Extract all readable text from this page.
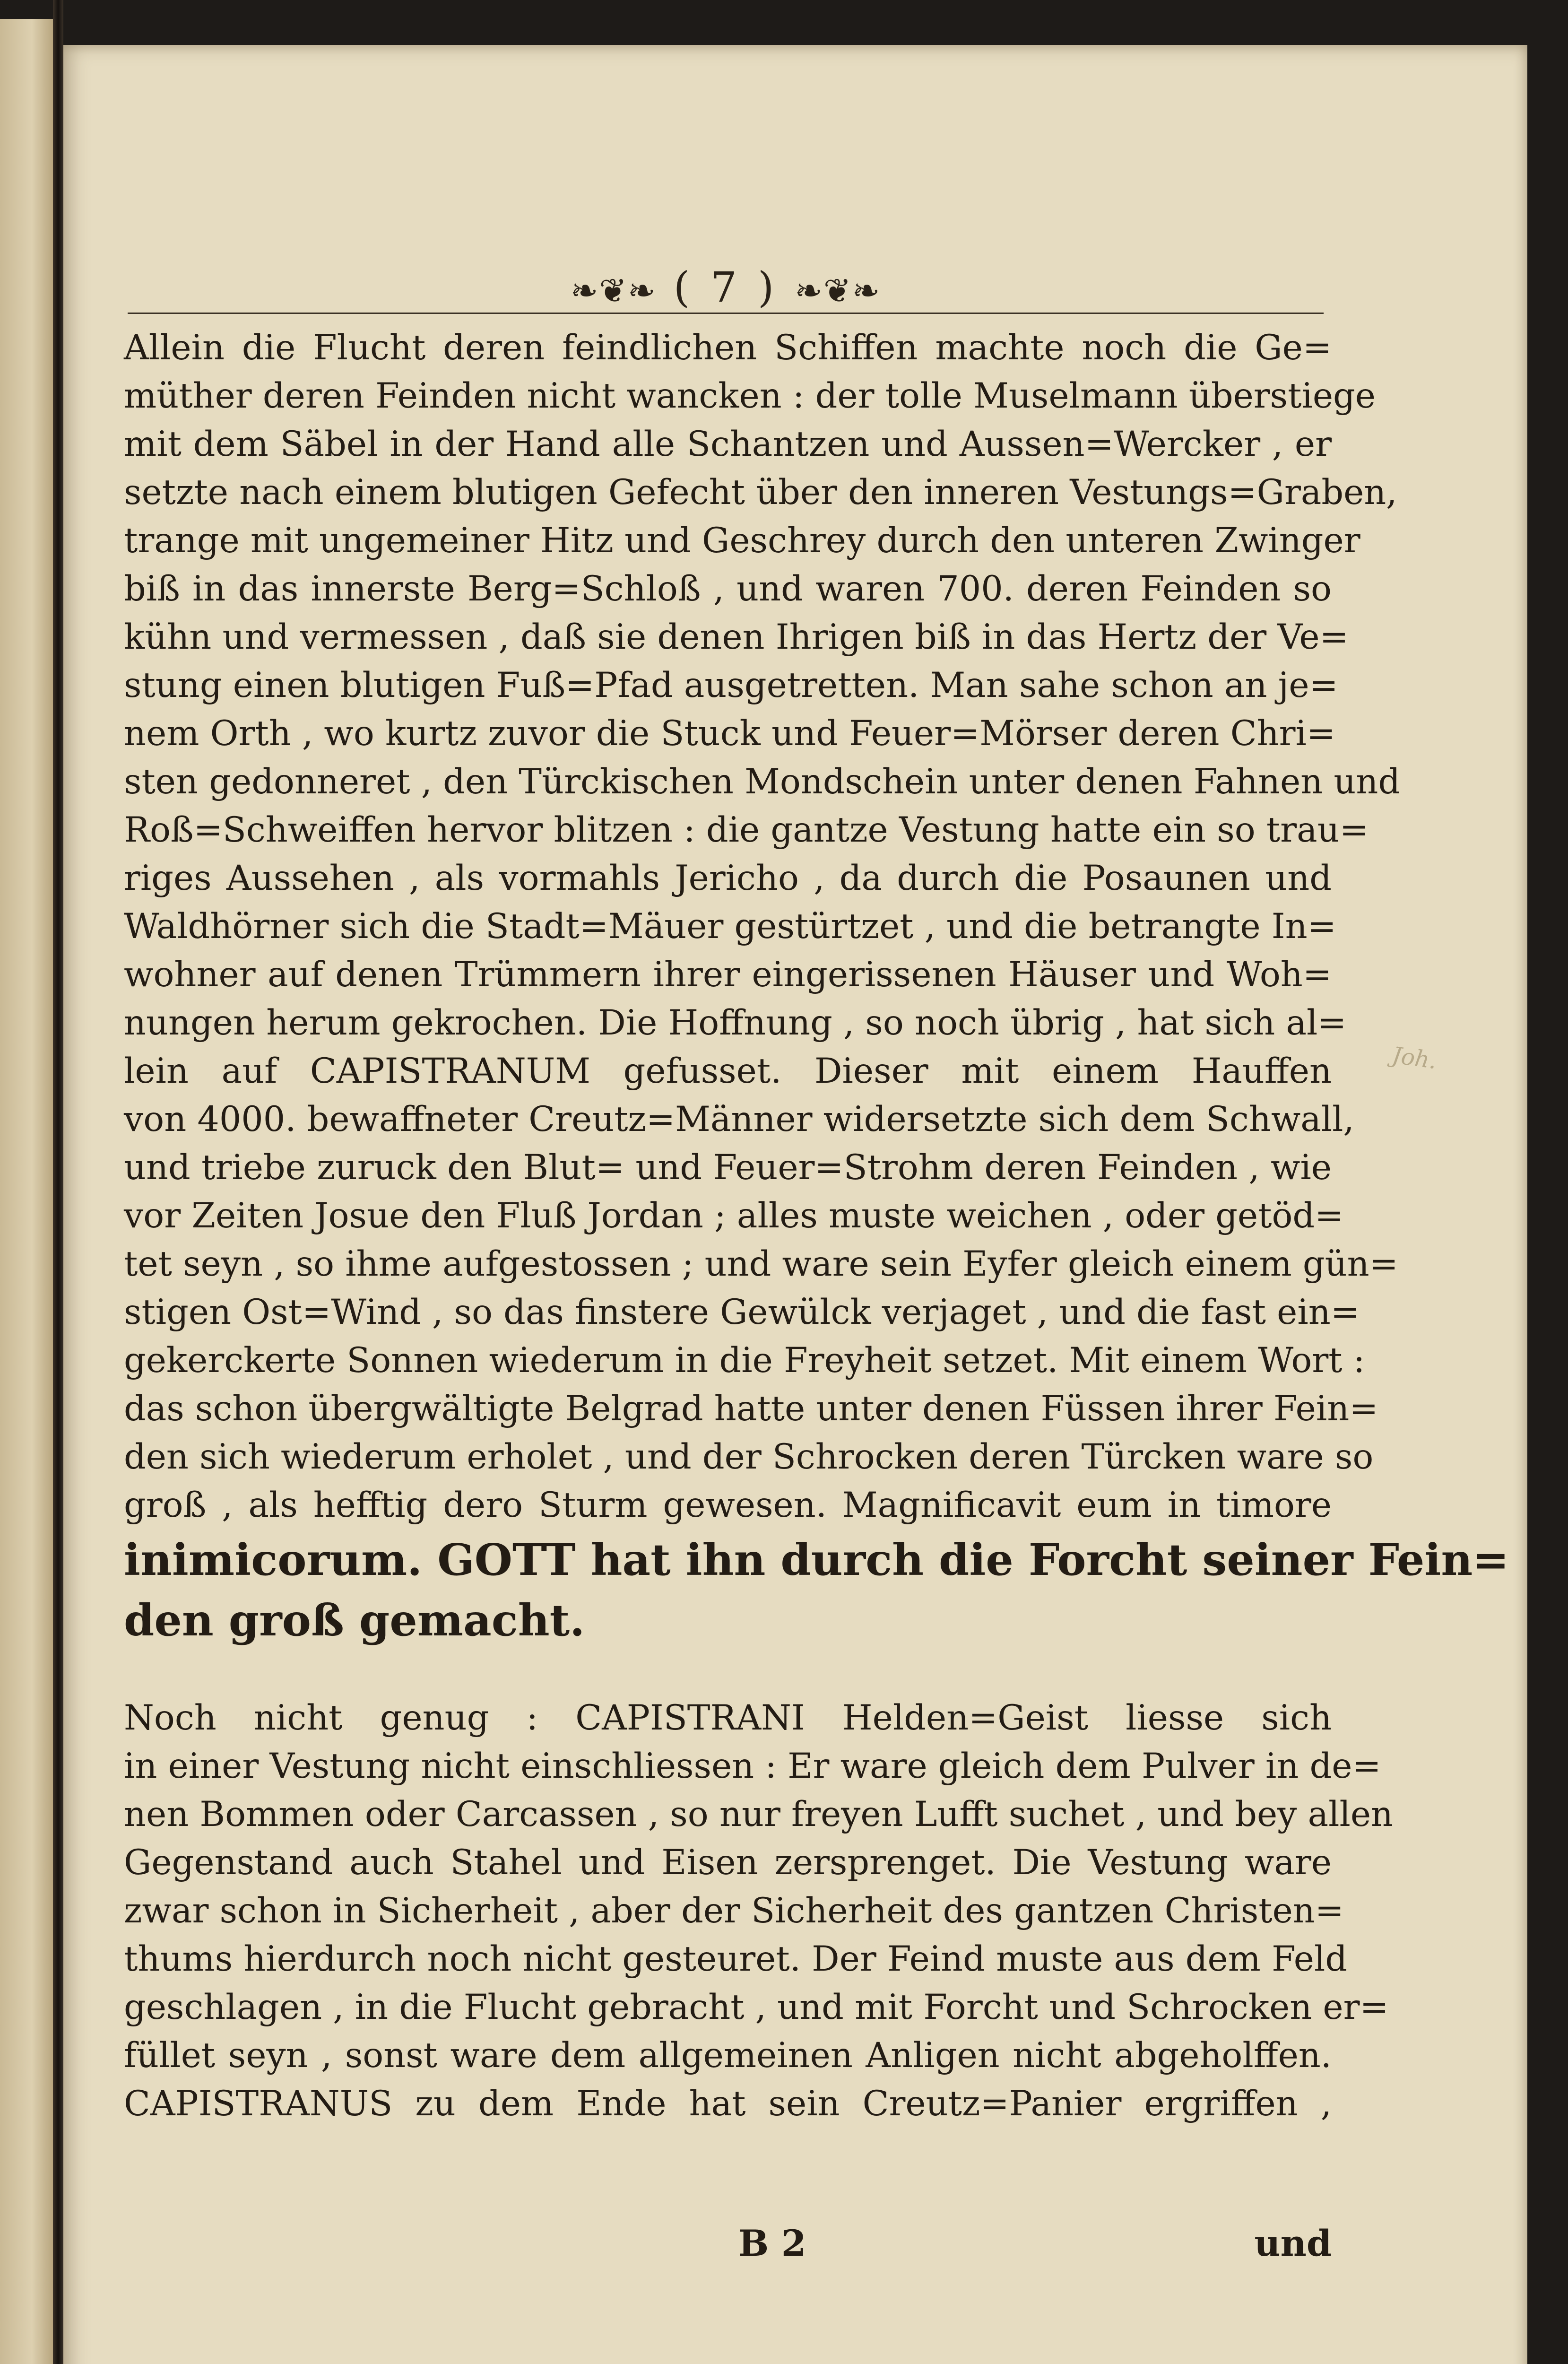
❧❦❧ ( 7 ) ❧❦❧
Allein die Flucht deren feindlichen Schiffen machte noch die Ge=
müther deren Feinden nicht wancken : der tolle Muselmann überstiege
mit dem Säbel in der Hand alle Schantzen und Aussen=Wercker , er
setzte nach einem blutigen Gefecht über den inneren Vestungs=Graben,
trange mit ungemeiner Hitz und Geschrey durch den unteren Zwinger
biß in das innerste Berg=Schloß , und waren 700. deren Feinden so
kühn und vermessen , daß sie denen Ihrigen biß in das Hertz der Ve=
stung einen blutigen Fuß=Pfad ausgetretten. Man sahe schon an je=
nem Orth , wo kurtz zuvor die Stuck und Feuer=Mörser deren Chri=
sten gedonneret , den Türckischen Mondschein unter denen Fahnen und
Roß=Schweiffen hervor blitzen : die gantze Vestung hatte ein so trau=
riges Aussehen , als vormahls Jericho , da durch die Posaunen und
Waldhörner sich die Stadt=Mäuer gestürtzet , und die betrangte In=
wohner auf denen Trümmern ihrer eingerissenen Häuser und Woh=
nungen herum gekrochen. Die Hoffnung , so noch übrig , hat sich al=
lein auf CAPISTRANUM gefusset. Dieser mit einem Hauffen
von 4000. bewaffneter Creutz=Männer widersetzte sich dem Schwall,
und triebe zuruck den Blut= und Feuer=Strohm deren Feinden , wie
vor Zeiten Josue den Fluß Jordan ; alles muste weichen , oder getöd=
tet seyn , so ihme aufgestossen ; und ware sein Eyfer gleich einem gün=
stigen Ost=Wind , so das finstere Gewülck verjaget , und die fast ein=
gekerckerte Sonnen wiederum in die Freyheit setzet. Mit einem Wort :
das schon übergwältigte Belgrad hatte unter denen Füssen ihrer Fein=
den sich wiederum erholet , und der Schrocken deren Türcken ware so
groß , als hefftig dero Sturm gewesen. Magnificavit eum in timore
inimicorum. GOTT hat ihn durch die Forcht seiner Fein=
den groß gemacht.
Noch nicht genug : CAPISTRANI Helden=Geist liesse sich
in einer Vestung nicht einschliessen : Er ware gleich dem Pulver in de=
nen Bommen oder Carcassen , so nur freyen Lufft suchet , und bey allen
Gegenstand auch Stahel und Eisen zersprenget. Die Vestung ware
zwar schon in Sicherheit , aber der Sicherheit des gantzen Christen=
thums hierdurch noch nicht gesteuret. Der Feind muste aus dem Feld
geschlagen , in die Flucht gebracht , und mit Forcht und Schrocken er=
füllet seyn , sonst ware dem allgemeinen Anligen nicht abgeholffen.
CAPISTRANUS zu dem Ende hat sein Creutz=Panier ergriffen ,
B 2	und
Joh.
